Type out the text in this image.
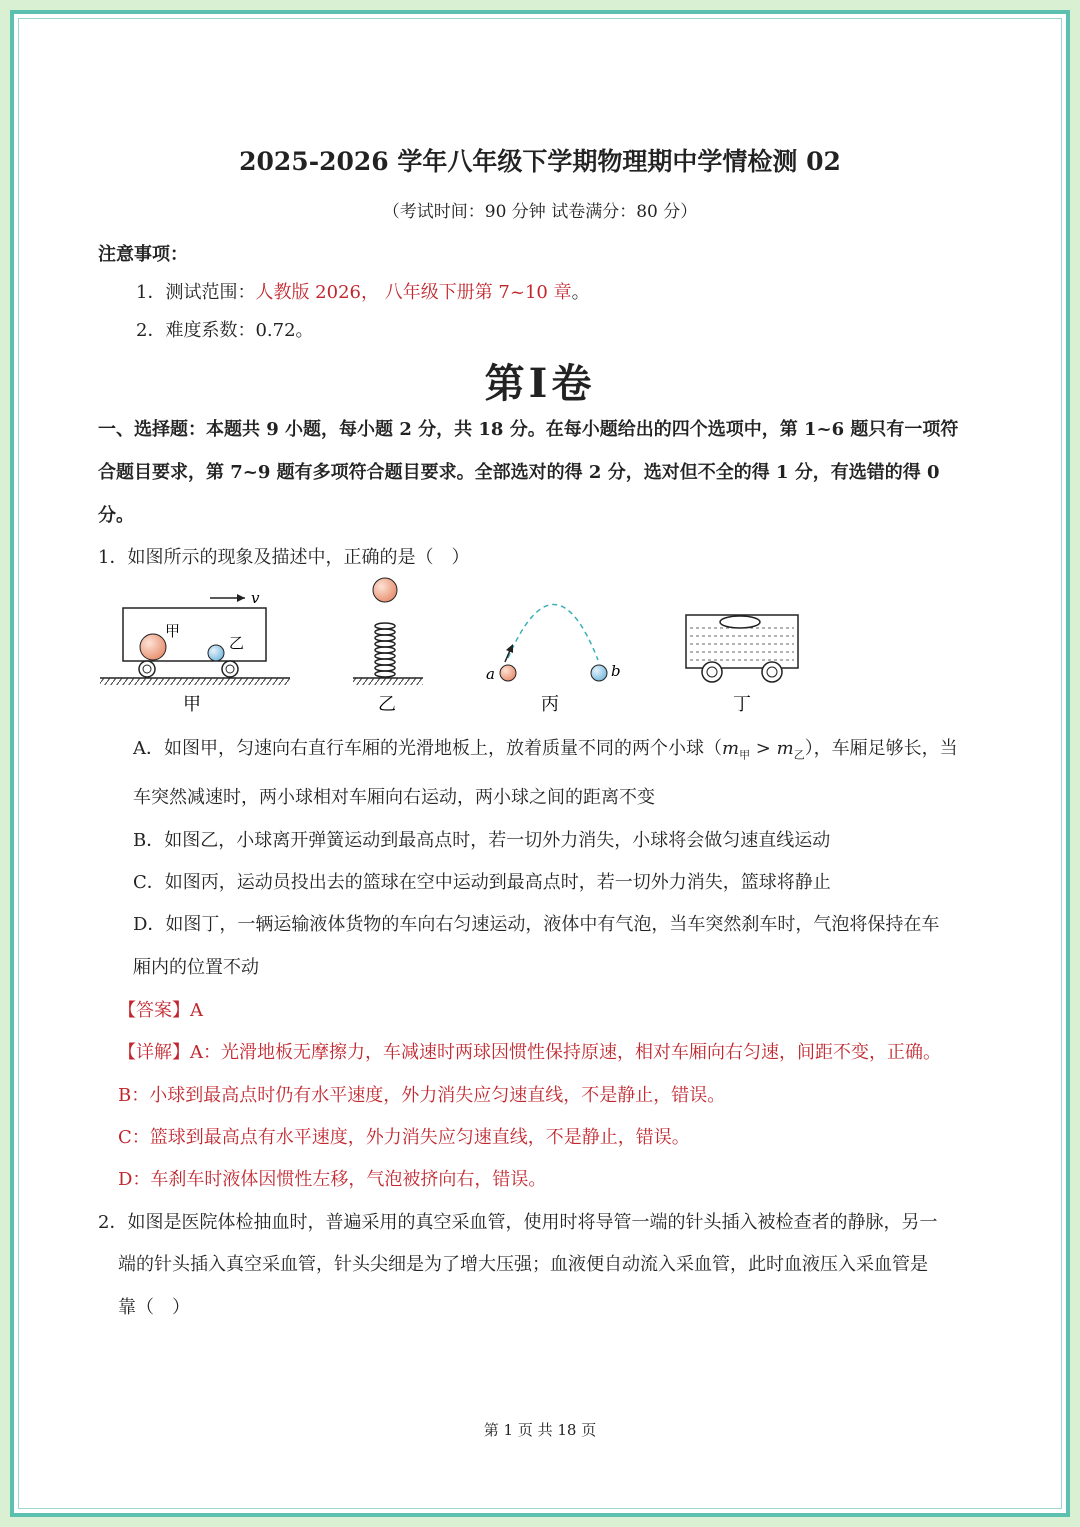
2025-2026 学年八年级下学期物理期中学情检测 02
（考试时间：90 分钟 试卷满分：80 分）
注意事项：
1．测试范围：人教版 2026， 八年级下册第 7~10 章。
2．难度系数：0.72。
第Ⅰ卷
一、选择题：本题共 9 小题，每小题 2 分，共 18 分。在每小题给出的四个选项中，第 1~6 题只有一项符
合题目要求，第 7~9 题有多项符合题目要求。全部选对的得 2 分，选对但不全的得 1 分，有选错的得 0
分。
1．如图所示的现象及描述中，正确的是（　）
v
甲
乙
a	b
甲	乙	丙	丁
A．如图甲，匀速向右直行车厢的光滑地板上，放着质量不同的两个小球$(m_甲 > m_乙)$，车厢足够长，当
车突然减速时，两小球相对车厢向右运动，两小球之间的距离不变
B．如图乙，小球离开弹簧运动到最高点时，若一切外力消失，小球将会做匀速直线运动
C．如图丙，运动员投出去的篮球在空中运动到最高点时，若一切外力消失，篮球将静止
D．如图丁，一辆运输液体货物的车向右匀速运动，液体中有气泡，当车突然刹车时，气泡将保持在车
厢内的位置不动
【答案】A
【详解】A：光滑地板无摩擦力，车减速时两球因惯性保持原速，相对车厢向右匀速，间距不变，正确。
B：小球到最高点时仍有水平速度，外力消失应匀速直线，不是静止，错误。
C：篮球到最高点有水平速度，外力消失应匀速直线，不是静止，错误。
D：车刹车时液体因惯性左移，气泡被挤向右，错误。
2．如图是医院体检抽血时，普遍采用的真空采血管，使用时将导管一端的针头插入被检查者的静脉，另一
端的针头插入真空采血管，针头尖细是为了增大压强；血液便自动流入采血管，此时血液压入采血管是
靠（　）
第 1 页 共 18 页
